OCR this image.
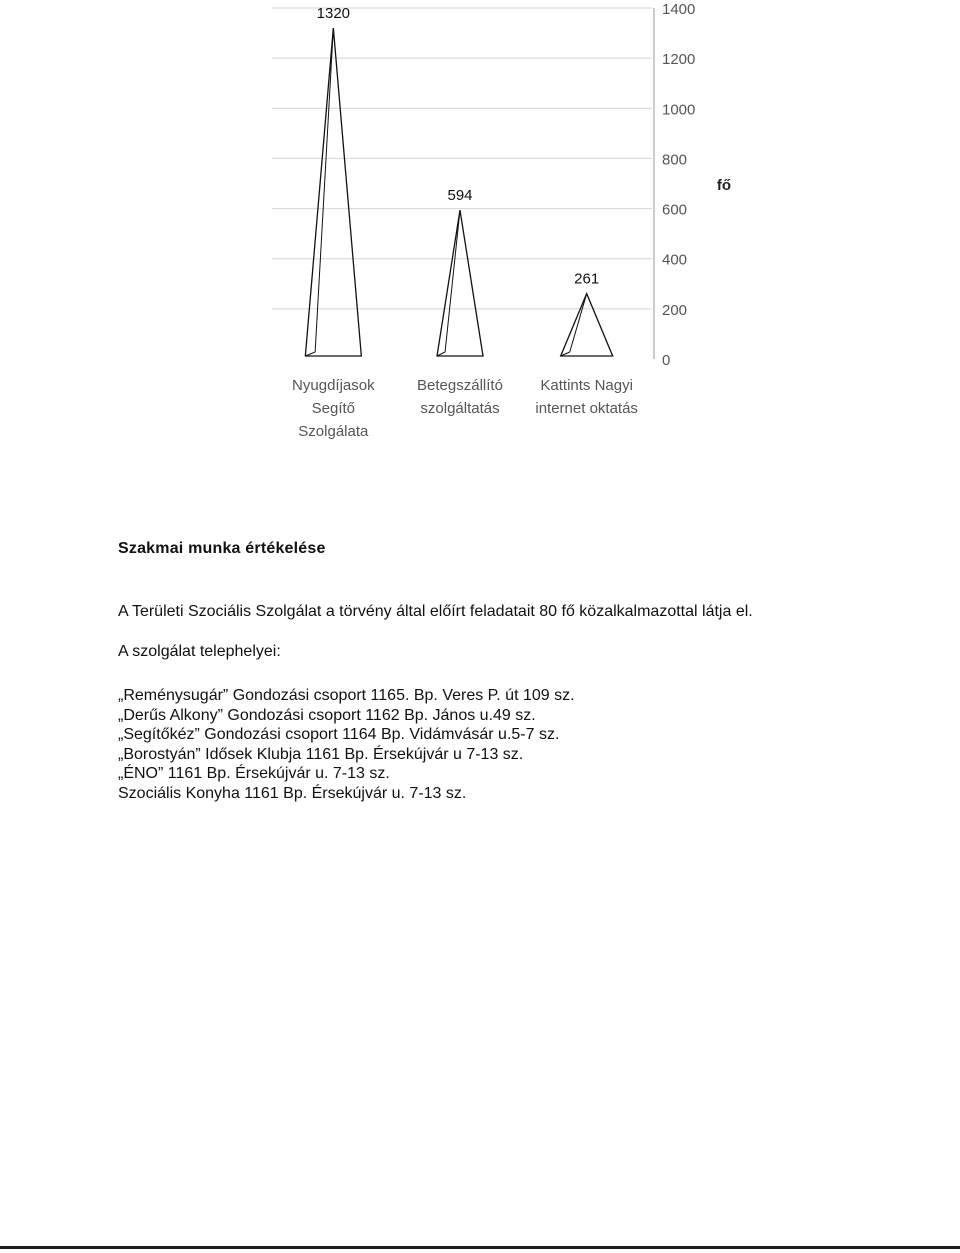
0
200
400
600
800
1000
1200
1400
1320
Nyugdíjasok
Segítő
Szolgálata
594
Betegszállító
szolgáltatás
261
Kattints Nagyi
internet oktatás
fő
Szakmai munka értékelése
A Területi Szociális Szolgálat a törvény által előírt feladatait 80 fő közalkalmazottal látja el.
A szolgálat telephelyei:
„Reménysugár” Gondozási csoport 1165. Bp. Veres P. út 109 sz.
„Derűs Alkony” Gondozási csoport 1162 Bp. János u.49 sz.
„Segítőkéz” Gondozási csoport 1164 Bp. Vidámvásár u.5-7 sz.
„Borostyán” Idősek Klubja 1161 Bp. Érsekújvár u 7-13 sz.
„ÉNO” 1161 Bp. Érsekújvár u. 7-13 sz.
Szociális Konyha 1161 Bp. Érsekújvár u. 7-13 sz.
